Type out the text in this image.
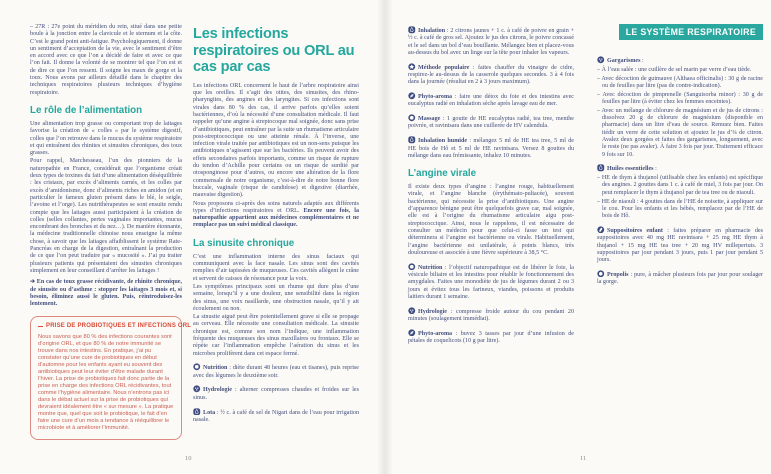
– 27R : 27e point du méridien du rein, situé dans une petite boule à la jonction entre la clavicule et le sternum et la côte. C’est le grand point anti-fatigue. Psychologiquement, il donne un sentiment d’acceptation de la vie, avec le sentiment d’être en accord avec ce que l’on a décidé de faire et avec ce que l’on fait. Il donne la volonté de se montrer tel que l’on est et de dire ce que l’on ressent. Il soigne les maux de gorge et la toux. Nous avons par ailleurs détaillé dans le chapitre des techniques respiratoires plusieurs techniques d’hygiène respiratoire.

Le rôle de l’alimentation

Une alimentation trop grasse ou comportant trop de laitages favorise la création de « colles » par le système digestif, colles que l’on retrouve dans le mucus du système respiratoire et qui entraînent des rhinites et sinusites chroniques, des toux grasses.

Pour rappel, Marchesseau, l’un des pionniers de la naturopathie en France, considérait que l’organisme créait deux types de toxines du fait d’une alimentation déséquilibrée : les cristaux, par excès d’aliments carnés, et les colles par excès d’amidonisme, donc d’aliments riches en amidon (et en particulier le fameux gluten présent dans le blé, le seigle, l’avoine et l’orge). Les nutrithérapeutes se sont ensuite rendu compte que les laitages aussi participaient à la création de colles (selles collantes, pertes vaginales importantes, mucus encombrant des bronches et du nez…). De manière étonnante, la médecine traditionnelle chinoise nous enseigne la même chose, à savoir que les laitages affaiblissent le système Rate-Pancréas en charge de la digestion, entraînant la production de ce que l’on peut traduire par « mucosité ». J’ai pu traiter plusieurs patients qui présentaient des sinusites chroniques simplement en leur conseillant d’arrêter les laitages !

➔ En cas de toux grasse récidivante, de rhinite chronique, de sinusite ou d’asthme : stopper les laitages 3 mois et, si besoin, éliminez aussi le gluten. Puis, réintroduisez-les lentement.

PRISE DE PROBIOTIQUES ET INFECTIONS ORL

Nous savons que 80 % des infections courantes sont d’origine ORL, et que 80 % de notre immunité se trouve dans nos intestins. En pratique, j’ai pu constater qu’une cure de probiotiques en début d’automne pour les enfants ayant eu souvent des antibiotiques peut leur éviter d’être malade durant l’hiver. La prise de probiotiques fait donc partie de la prise en charge des infections ORL récidivantes, tout comme l’hygiène alimentaire. Nous n’entrons pas ici dans le débat actuel sur la prise de probiotiques qui devraient idéalement être « sur mesure ». La pratique montre que, quel que soit le probiotique, le fait d’en faire une cure d’un mois a tendance à rééquilibrer le microbiote et à améliorer l’immunité.

Les infections respiratoires ou ORL au cas par cas

Les infections ORL concernent le haut de l’arbre respiratoire ainsi que les oreilles. Il s’agit des otites, des sinusites, des rhino-pharyngites, des angines et des laryngites. Si ces infections sont virales dans 80 % des cas, il arrive parfois qu’elles soient bactériennes, d’où la nécessité d’une consultation médicale. Il faut rappeler qu’une angine à streptocoque mal soignée, donc sans prise d’antibiotiques, peut entraîner par la suite un rhumatisme articulaire post-streptococcique ou une atteinte rénale. À l’inverse, une infection virale traitée par antibiotiques est un non-sens puisque les antibiotiques n’agissent que sur les bactéries. Ils peuvent avoir des effets secondaires parfois importants, comme un risque de rupture du tendon d’Achille pour certains ou un risque de surdité par otosponginose pour d’autres, ou encore une altération de la flore commensale de notre organisme, c’est-à-dire de notre bonne flore buccale, vaginale (risque de candidose) et digestive (diarrhée, mauvaise digestion).

Nous proposons ci-après des soins naturels adaptés aux différents types d’infections respiratoires et ORL. Encore une fois, la naturopathie appartient aux médecines complémentaires et ne remplace pas un suivi médical classique.

La sinusite chronique

C’est une inflammation interne des sinus faciaux qui communiquent avec la face nasale. Les sinus sont des cavités remplies d’air tapissées de muqueuses. Ces cavités allègent le crâne et servent de caisses de résonance pour la voix.

Les symptômes principaux sont un rhume qui dure plus d’une semaine, lorsqu’il y a une douleur, une sensibilité dans la région des sinus, une voix nasillarde, une obstruction nasale, qu’il y ait écoulement ou non.

La sinusite aiguë peut être potentiellement grave si elle se propage au cerveau. Elle nécessite une consultation médicale. La sinusite chronique est, comme son nom l’indique, une inflammation fréquente des muqueuses des sinus maxillaires ou frontaux. Elle se répète car l’inflammation empêche l’aération du sinus et les microbes prolifèrent dans cet espace fermé.

Nutrition : diète durant 48 heures (eau et tisanes), puis reprise avec des légumes le deuxième soir.

Hydrologie : alterner compresses chaudes et froides sur les sinus.

Lota : ½ c. à café de sel de Nigari dans de l’eau pour irrigation nasale.

Inhalation : 2 citrons jaunes + 1 c. à café de poivre en grain + ½ c. à café de gros sel. Ajoutez le jus des citrons, le poivre concassé et le sel dans un bol d’eau bouillante. Mélangez bien et placez-vous au-dessus du bol avec un linge sur la tête pour inhaler les vapeurs.

Méthode populaire : faites chauffer du vinaigre de cidre, respirez-le au-dessus de la casserole quelques secondes. 3 à 4 fois dans la journée (résultat en 2 à 3 jours maximum).

Phyto-aroma : faire une détox du foie et des intestins avec eucalyptus radié en inhalation sèche après lavage eau de mer.

Massage : 1 goutte de HE eucalyptus radié, tea tree, menthe poivrée, et ravintsara dans une cuillerée de HV calendula.

Inhalation humide : mélangez 5 ml de HE tea tree, 5 ml de HE bois de Hô et 5 ml de HE ravintsara. Versez 8 gouttes du mélange dans eau frémissante, inhalez 10 minutes.

L’angine virale

Il existe deux types d’angine : l’angine rouge, habituellement virale, et l’angine blanche (érythémato-pultacée), souvent bactérienne, qui nécessite la prise d’antibiotiques. Une angine d’apparence bénigne peut être quelquefois grave car, mal soignée, elle est à l’origine du rhumatisme articulaire aigu post-streptococcique. Ainsi, nous le rappelons, il est nécessaire de consulter un médecin pour que celui-ci fasse un test qui déterminera si l’angine est bactérienne ou virale. Habituellement, l’angine bactérienne est unilatérale, à points blancs, très douloureuse et associée à une fièvre supérieure à 38,5 °C.

Nutrition : l’objectif naturopathique est de libérer le foie, la vésicule biliaire et les intestins pour rétablir le fonctionnement des amygdales. Faites une monodiète de jus de légumes durant 2 ou 3 jours et évitez tous les farineux, viandes, poissons et produits laitiers durant 1 semaine.

Hydrologie : compresse froide autour du cou pendant 20 minutes (soulagement immédiat).

Phyto-aroma : buvez 3 tasses par jour d’une infusion de pétales de coquelicots (10 g par litre).

LE SYSTÈME RESPIRATOIRE

Gargarismes :

– À l’eau salée : une cuillère de sel marin par verre d’eau tiède.

– Avec décoction de guimauve (Althaea officinalis) : 30 g de racine ou de feuilles par litre (pas de contre-indication).

– Avec décoction de pimprenelle (Sanguisorba minor) : 30 g de feuilles par litre (à éviter chez les femmes enceintes).

– Avec un mélange de chlorure de magnésium et de jus de citrons : dissolvez 20 g de chlorure de magnésium (disponible en pharmacie) dans un litre d’eau de source. Remuez bien. Faites tiédir un verre de cette solution et ajoutez le jus d’¼ de citron. Avalez deux gorgées et faites des gargarismes, longuement, avec le reste (ne pas avaler). À faire 3 fois par jour. Traitement efficace 9 fois sur 10.

Huiles essentielles :

– HE de thym à thujanol (utilisable chez les enfants) est spécifique des angines. 2 gouttes dans 1 c. à café de miel, 3 fois par jour. On peut remplacer le thym à thujanol par de tea tree ou de niaouli.

– HE de niaouli : 4 gouttes dans de l’HE de noisette, à appliquer sur le cou. Pour les enfants et les bébés, remplacez par de l’HE de bois de Hô.

Suppositoires enfant : faites préparer en pharmacie des suppositoires avec 40 mg HE ravintsara + 25 mg HE thym à thujanol + 15 mg HE tea tree + 20 mg HV millepertuis. 3 suppositoires par jour pendant 3 jours, puis 1 par jour pendant 5 jours.

Propolis : pure, à mâcher plusieurs fois par jour pour soulager la gorge.

10	11
